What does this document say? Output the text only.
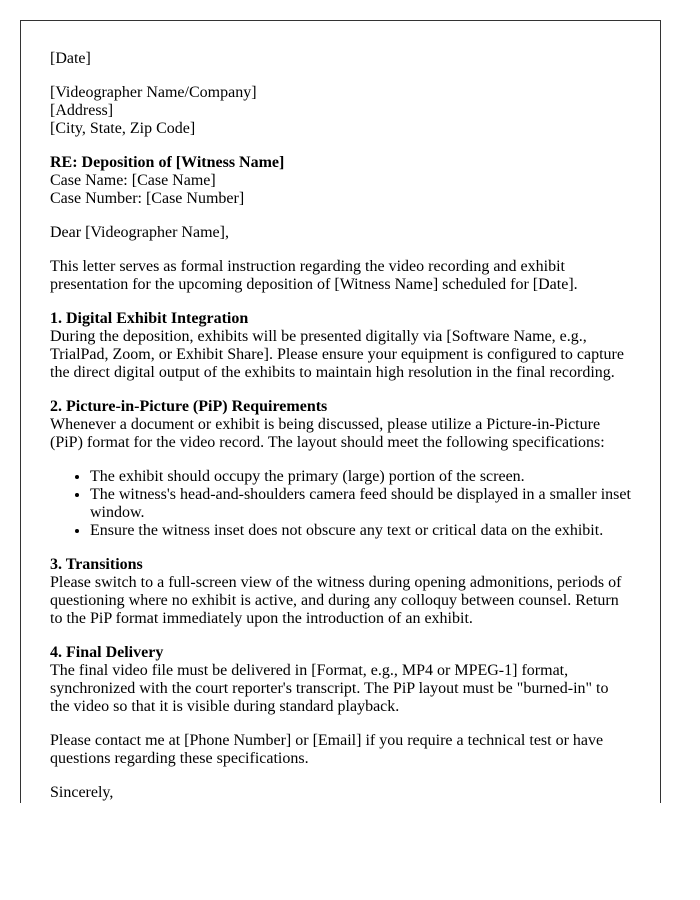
[Date]

[Videographer Name/Company]
[Address]
[City, State, Zip Code]

RE: Deposition of [Witness Name]
Case Name: [Case Name]
Case Number: [Case Number]

Dear [Videographer Name],

This letter serves as formal instruction regarding the video recording and exhibit presentation for the upcoming deposition of [Witness Name] scheduled for [Date].

1. Digital Exhibit Integration
During the deposition, exhibits will be presented digitally via [Software Name, e.g., TrialPad, Zoom, or Exhibit Share]. Please ensure your equipment is configured to capture the direct digital output of the exhibits to maintain high resolution in the final recording.

2. Picture-in-Picture (PiP) Requirements
Whenever a document or exhibit is being discussed, please utilize a Picture-in-Picture (PiP) format for the video record. The layout should meet the following specifications:

• The exhibit should occupy the primary (large) portion of the screen.
• The witness's head-and-shoulders camera feed should be displayed in a smaller inset window.
• Ensure the witness inset does not obscure any text or critical data on the exhibit.

3. Transitions
Please switch to a full-screen view of the witness during opening admonitions, periods of questioning where no exhibit is active, and during any colloquy between counsel. Return to the PiP format immediately upon the introduction of an exhibit.

4. Final Delivery
The final video file must be delivered in [Format, e.g., MP4 or MPEG-1] format, synchronized with the court reporter's transcript. The PiP layout must be "burned-in" to the video so that it is visible during standard playback.

Please contact me at [Phone Number] or [Email] if you require a technical test or have questions regarding these specifications.

Sincerely,
